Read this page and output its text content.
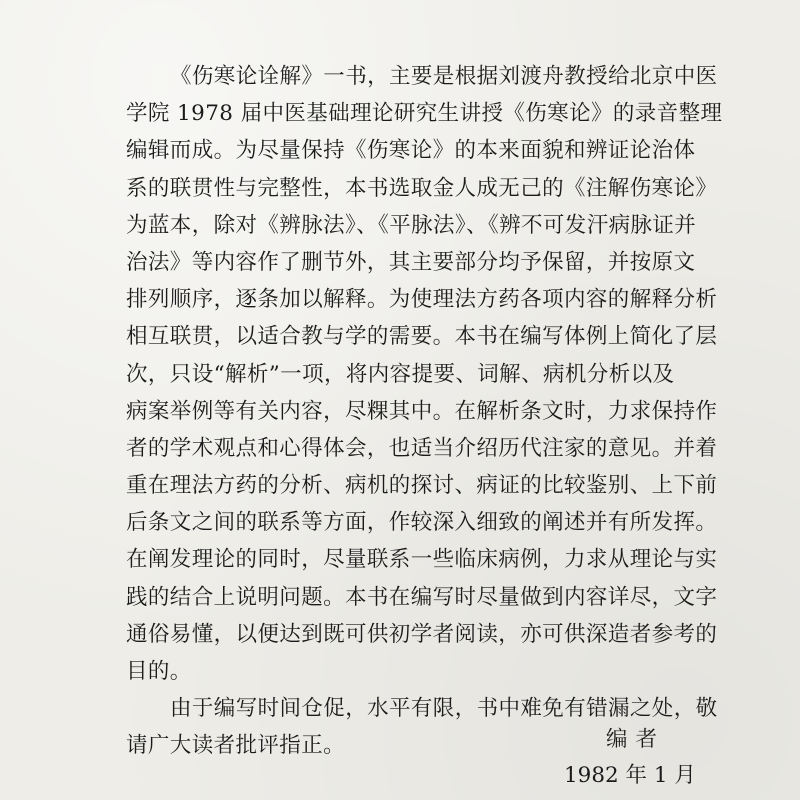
《伤寒论诠解》一书，主要是根据刘渡舟教授给北京中医
学院 1978 届中医基础理论研究生讲授《伤寒论》的录音整理
编辑而成。为尽量保持《伤寒论》的本来面貌和辨证论治体
系的联贯性与完整性，本书选取金人成无己的《注解伤寒论》
为蓝本，除对《辨脉法》、《平脉法》、《辨不可发汗病脉证并
治法》等内容作了删节外，其主要部分均予保留，并按原文
排列顺序，逐条加以解释。为使理法方药各项内容的解释分析
相互联贯，以适合教与学的需要。本书在编写体例上简化了层
次，只设“解析”一项，将内容提要、词解、病机分析以及
病案举例等有关内容，尽粿其中。在解析条文时，力求保持作
者的学术观点和心得体会，也适当介绍历代注家的意见。并着
重在理法方药的分析、病机的探讨、病证的比较鉴别、上下前
后条文之间的联系等方面，作较深入细致的阐述并有所发挥。
在阐发理论的同时，尽量联系一些临床病例，力求从理论与实
践的结合上说明问题。本书在编写时尽量做到内容详尽，文字
通俗易懂，以便达到既可供初学者阅读，亦可供深造者参考的
目的。
由于编写时间仓促，水平有限，书中难免有错漏之处，敬
请广大读者批评指正。	编者
1982 年 1 月
